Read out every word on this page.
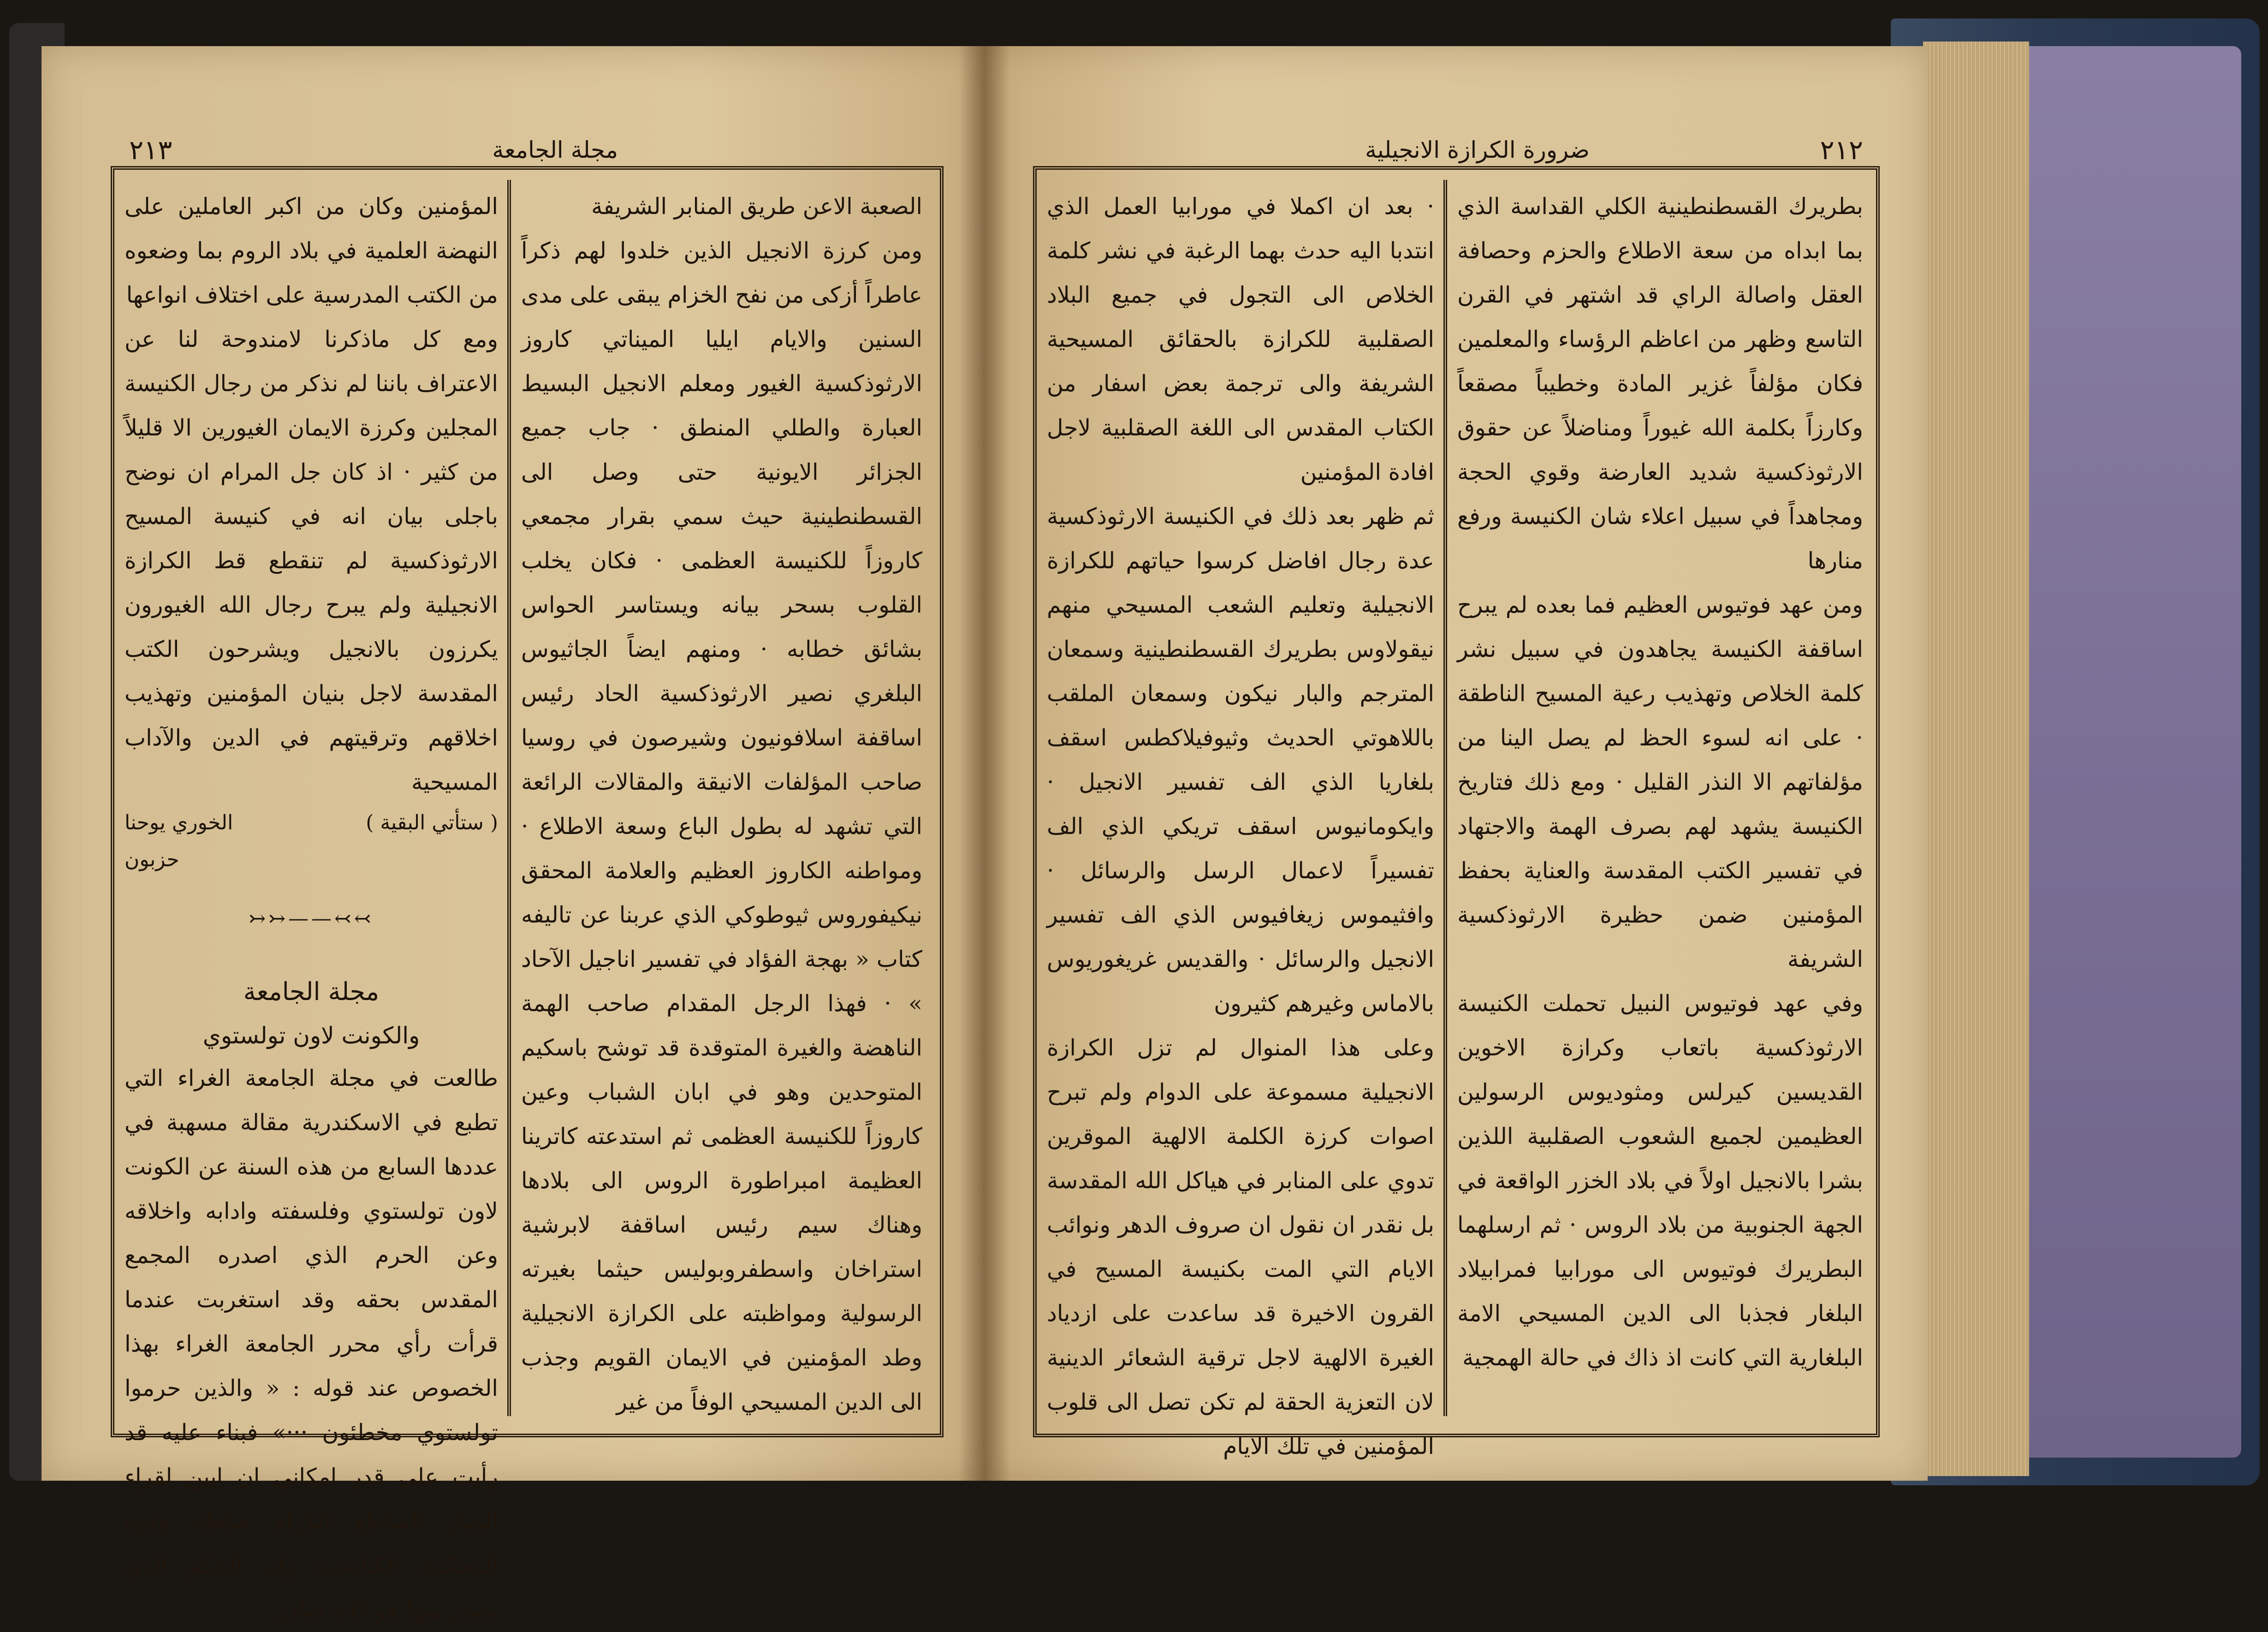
مجلة الجامعة
٢١٣

الصعبة الاعن طريق المنابر الشريفة

ومن كرزة الانجيل الذين خلدوا لهم ذكراً عاطراً أزكى من نفح الخزام يبقى على مدى السنين والايام ايليا الميناتي كاروز الارثوذكسية الغيور ومعلم الانجيل البسيط العبارة والطلي المنطق · جاب جميع الجزائر الايونية حتى وصل الى القسطنطينية حيث سمي بقرار مجمعي كاروزاً للكنيسة العظمى · فكان يخلب القلوب بسحر بيانه ويستاسر الحواس بشائق خطابه · ومنهم ايضاً الجاثيوس البلغري نصير الارثوذكسية الحاد رئيس اساقفة اسلافونيون وشيرصون في روسيا صاحب المؤلفات الانيقة والمقالات الرائعة التي تشهد له بطول الباع وسعة الاطلاع · ومواطنه الكاروز العظيم والعلامة المحقق نيكيفوروس ثيوطوكي الذي عربنا عن تاليفه كتاب « بهجة الفؤاد في تفسير اناجيل الآحاد » · فهذا الرجل المقدام صاحب الهمة الناهضة والغيرة المتوقدة قد توشح باسكيم المتوحدين وهو في ابان الشباب وعين كاروزاً للكنيسة العظمى ثم استدعته كاترينا العظيمة امبراطورة الروس الى بلادها وهناك سيم رئيس اساقفة لابرشية استراخان واسطفروبوليس حيثما بغيرته الرسولية ومواظبته على الكرازة الانجيلية وطد المؤمنين في الايمان القويم وجذب الى الدين المسيحي الوفاً من غير

المؤمنين وكان من اكبر العاملين على النهضة العلمية في بلاد الروم بما وضعوه من الكتب المدرسية على اختلاف انواعها

ومع كل ماذكرنا لامندوحة لنا عن الاعتراف باننا لم نذكر من رجال الكنيسة المجلين وكرزة الايمان الغيورين الا قليلاً من كثير · اذ كان جل المرام ان نوضح باجلى بيان انه في كنيسة المسيح الارثوذكسية لم تنقطع قط الكرازة الانجيلية ولم يبرح رجال الله الغيورون يكرزون بالانجيل ويشرحون الكتب المقدسة لاجل بنيان المؤمنين وتهذيب اخلاقهم وترقيتهم في الدين والآداب المسيحية

( ستأتي البقية )
الخوري يوحنا
حزبون
↢↢——↣↣
مجلة الجامعة
والكونت لاون تولستوي

طالعت في مجلة الجامعة الغراء التي تطبع في الاسكندرية مقالة مسهبة في عددها السابع من هذه السنة عن الكونت لاون تولستوي وفلسفته وادابه واخلاقه وعن الحرم الذي اصدره المجمع المقدس بحقه وقد استغربت عندما قرأت رأي محرر الجامعة الغراء بهذا الخصوص عند قوله : « والذين حرموا تولستوي مخطئون ···» فبناء عليه قد رأيت على قدر امكاني ان ابين لقراء المنار الساطع الكرام سلطة وقوة المحكمة الكنائسية وان الحكم الذي يصدر منها هو كانه صادر

٢١٢
ضرورة الكرازة الانجيلية

بطريرك القسطنطينية الكلي القداسة الذي بما ابداه من سعة الاطلاع والحزم وحصافة العقل واصالة الراي قد اشتهر في القرن التاسع وظهر من اعاظم الرؤساء والمعلمين فكان مؤلفاً غزير المادة وخطيباً مصقعاً وكارزاً بكلمة الله غيوراً ومناضلاً عن حقوق الارثوذكسية شديد العارضة وقوي الحجة ومجاهداً في سبيل اعلاء شان الكنيسة ورفع منارها

ومن عهد فوتيوس العظيم فما بعده لم يبرح اساقفة الكنيسة يجاهدون في سبيل نشر كلمة الخلاص وتهذيب رعية المسيح الناطقة · على انه لسوء الحظ لم يصل الينا من مؤلفاتهم الا النذر القليل · ومع ذلك فتاريخ الكنيسة يشهد لهم بصرف الهمة والاجتهاد في تفسير الكتب المقدسة والعناية بحفظ المؤمنين ضمن حظيرة الارثوذكسية الشريفة

وفي عهد فوتيوس النبيل تحملت الكنيسة الارثوذكسية باتعاب وكرازة الاخوين القديسين كيرلس ومثوديوس الرسولين العظيمين لجميع الشعوب الصقلبية اللذين بشرا بالانجيل اولاً في بلاد الخزر الواقعة في الجهة الجنوبية من بلاد الروس · ثم ارسلهما البطريرك فوتيوس الى مورابيا فمرابيلاد البلغار فجذبا الى الدين المسيحي الامة البلغارية التي كانت اذ ذاك في حالة الهمجية

· بعد ان اكملا في مورابيا العمل الذي انتدبا اليه حدث بهما الرغبة في نشر كلمة الخلاص الى التجول في جميع البلاد الصقلبية للكرازة بالحقائق المسيحية الشريفة والى ترجمة بعض اسفار من الكتاب المقدس الى اللغة الصقلبية لاجل افادة المؤمنين

ثم ظهر بعد ذلك في الكنيسة الارثوذكسية عدة رجال افاضل كرسوا حياتهم للكرازة الانجيلية وتعليم الشعب المسيحي منهم نيقولاوس بطريرك القسطنطينية وسمعان المترجم والبار نيكون وسمعان الملقب باللاهوتي الحديث وثيوفيلاكطس اسقف بلغاريا الذي الف تفسير الانجيل · وايكومانيوس اسقف تريكي الذي الف تفسيراً لاعمال الرسل والرسائل · وافثيموس زيغافيوس الذي الف تفسير الانجيل والرسائل · والقديس غريغوريوس بالاماس وغيرهم كثيرون

وعلى هذا المنوال لم تزل الكرازة الانجيلية مسموعة على الدوام ولم تبرح اصوات كرزة الكلمة الالهية الموقرين تدوي على المنابر في هياكل الله المقدسة بل نقدر ان نقول ان صروف الدهر ونوائب الايام التي المت بكنيسة المسيح في القرون الاخيرة قد ساعدت على ازدياد الغيرة الالهية لاجل ترقية الشعائر الدينية لان التعزية الحقة لم تكن تصل الى قلوب المؤمنين في تلك الايام
